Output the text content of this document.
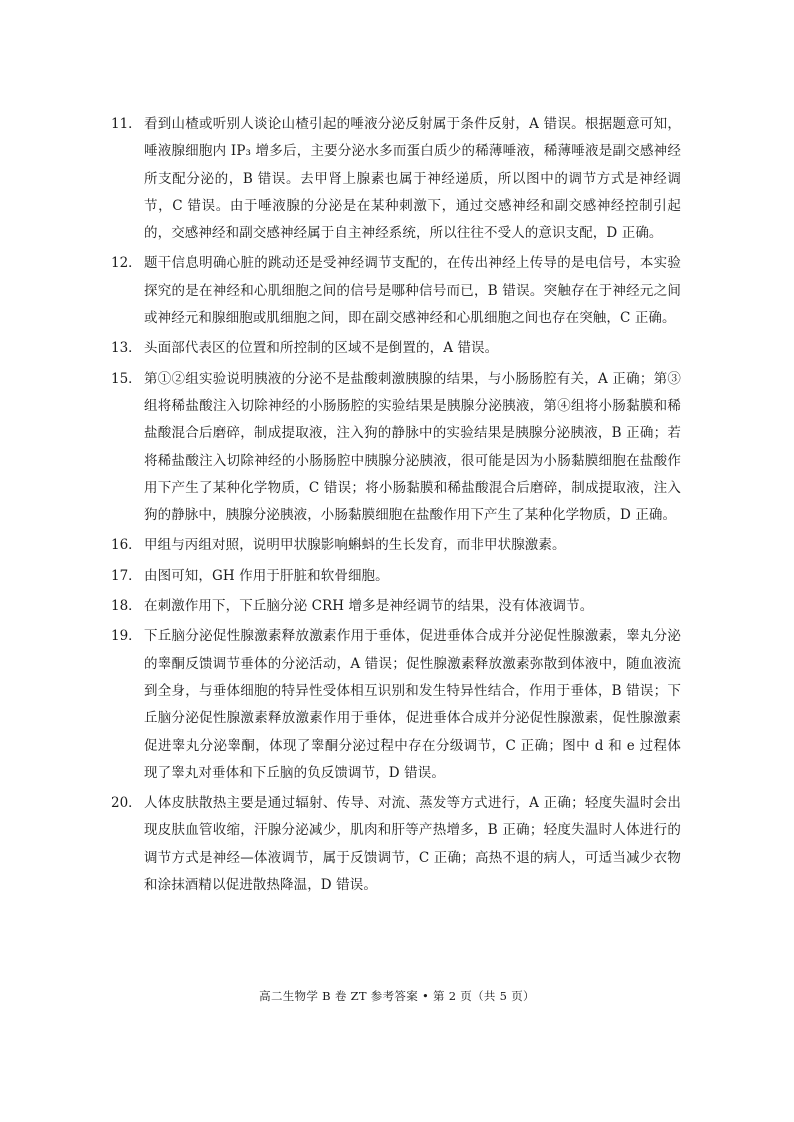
11． 看到山楂或听别人谈论山楂引起的唾液分泌反射属于条件反射，A 错误。根据题意可知，唾液腺细胞内 IP₃ 增多后，主要分泌水多而蛋白质少的稀薄唾液，稀薄唾液是副交感神经所支配分泌的，B 错误。去甲肾上腺素也属于神经递质，所以图中的调节方式是神经调节，C 错误。由于唾液腺的分泌是在某种刺激下，通过交感神经和副交感神经控制引起的，交感神经和副交感神经属于自主神经系统，所以往往不受人的意识支配，D 正确。
12． 题干信息明确心脏的跳动还是受神经调节支配的，在传出神经上传导的是电信号，本实验探究的是在神经和心肌细胞之间的信号是哪种信号而已，B 错误。突触存在于神经元之间或神经元和腺细胞或肌细胞之间，即在副交感神经和心肌细胞之间也存在突触，C 正确。
13． 头面部代表区的位置和所控制的区域不是倒置的，A 错误。
15． 第①②组实验说明胰液的分泌不是盐酸刺激胰腺的结果，与小肠肠腔有关，A 正确；第③组将稀盐酸注入切除神经的小肠肠腔的实验结果是胰腺分泌胰液，第④组将小肠黏膜和稀盐酸混合后磨碎，制成提取液，注入狗的静脉中的实验结果是胰腺分泌胰液，B 正确；若将稀盐酸注入切除神经的小肠肠腔中胰腺分泌胰液，很可能是因为小肠黏膜细胞在盐酸作用下产生了某种化学物质，C 错误；将小肠黏膜和稀盐酸混合后磨碎，制成提取液，注入狗的静脉中，胰腺分泌胰液，小肠黏膜细胞在盐酸作用下产生了某种化学物质，D 正确。
16． 甲组与丙组对照，说明甲状腺影响蝌蚪的生长发育，而非甲状腺激素。
17． 由图可知，GH 作用于肝脏和软骨细胞。
18． 在刺激作用下，下丘脑分泌 CRH 增多是神经调节的结果，没有体液调节。
19． 下丘脑分泌促性腺激素释放激素作用于垂体，促进垂体合成并分泌促性腺激素，睾丸分泌的睾酮反馈调节垂体的分泌活动，A 错误；促性腺激素释放激素弥散到体液中，随血液流到全身，与垂体细胞的特异性受体相互识别和发生特异性结合，作用于垂体，B 错误；下丘脑分泌促性腺激素释放激素作用于垂体，促进垂体合成并分泌促性腺激素，促性腺激素促进睾丸分泌睾酮，体现了睾酮分泌过程中存在分级调节，C 正确；图中 d 和 e 过程体现了睾丸对垂体和下丘脑的负反馈调节，D 错误。
20． 人体皮肤散热主要是通过辐射、传导、对流、蒸发等方式进行，A 正确；轻度失温时会出现皮肤血管收缩，汗腺分泌减少，肌肉和肝等产热增多，B 正确；轻度失温时人体进行的调节方式是神经—体液调节，属于反馈调节，C 正确；高热不退的病人，可适当减少衣物和涂抹酒精以促进散热降温，D 错误。
高二生物学 B 卷 ZT 参考答案 • 第 2 页（共 5 页）
